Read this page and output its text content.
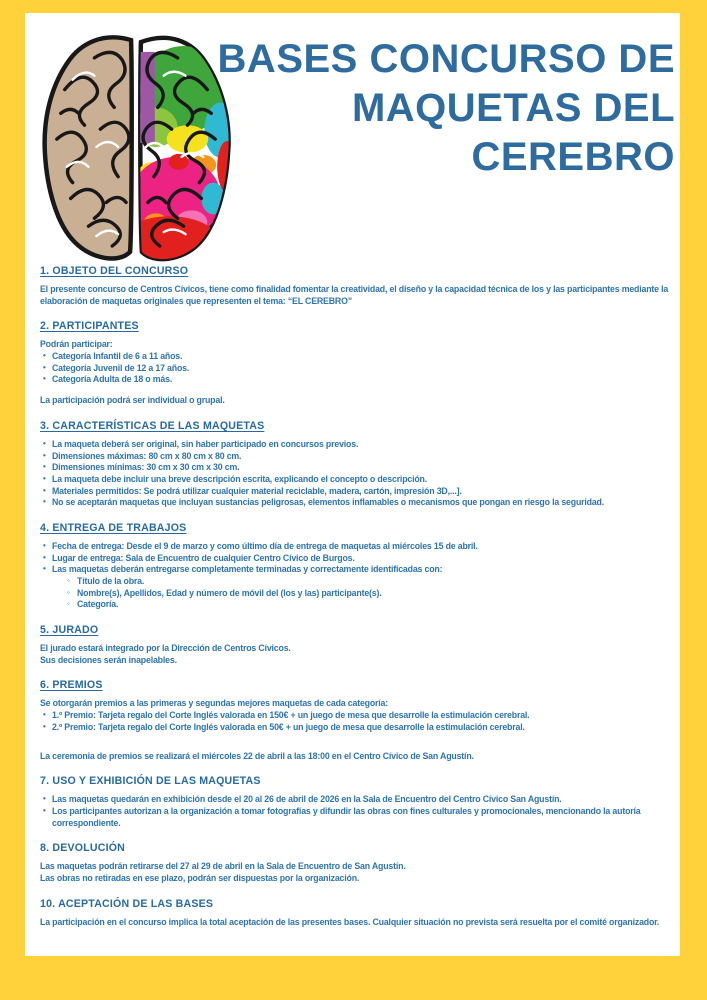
BASES CONCURSO DE
MAQUETAS DEL
CEREBRO
1. OBJETO DEL CONCURSO

El presente concurso de Centros Cívicos, tiene como finalidad fomentar la creatividad, el diseño y la capacidad técnica de los y las participantes mediante la elaboración de maquetas originales que representen el tema: “EL CEREBRO”

2. PARTICIPANTES

Podrán participar:

• Categoría Infantil de 6 a 11 años.
• Categoría Juvenil de 12 a 17 años.
• Categoría Adulta de 18 o más.

La participación podrá ser individual o grupal.

3. CARACTERÍSTICAS DE LAS MAQUETAS
• La maqueta deberá ser original, sin haber participado en concursos previos.
• Dimensiones máximas: 80 cm x 80 cm x 80 cm.
• Dimensiones mínimas: 30 cm x 30 cm x 30 cm.
• La maqueta debe incluir una breve descripción escrita, explicando el concepto o descripción.
• Materiales permitidos: Se podrá utilizar cualquier material reciclable, madera, cartón, impresión 3D,...].
• No se aceptarán maquetas que incluyan sustancias peligrosas, elementos inflamables o mecanismos que pongan en riesgo la seguridad.
4. ENTREGA DE TRABAJOS
• Fecha de entrega: Desde el 9 de marzo y como último día de entrega de maquetas al miércoles 15 de abril.
• Lugar de entrega: Sala de Encuentro de cualquier Centro Cívico de Burgos.
• Las maquetas deberán entregarse completamente terminadas y correctamente identificadas con:
◦ Título de la obra.
◦ Nombre(s), Apellidos, Edad y número de móvil del (los y las) participante(s).
◦ Categoría.
5. JURADO

El jurado estará integrado por la Dirección de Centros Cívicos.

Sus decisiones serán inapelables.

6. PREMIOS

Se otorgarán premios a las primeras y segundas mejores maquetas de cada categoría:

• 1.º Premio: Tarjeta regalo del Corte Inglés valorada en 150€ + un juego de mesa que desarrolle la estimulación cerebral.
• 2.º Premio: Tarjeta regalo del Corte Inglés valorada en 50€ + un juego de mesa que desarrolle la estimulación cerebral.

La ceremonia de premios se realizará el miércoles 22 de abril a las 18:00 en el Centro Cívico de San Agustín.

7. USO Y EXHIBICIÓN DE LAS MAQUETAS
• Las maquetas quedarán en exhibición desde el 20 al 26 de abril de 2026 en la Sala de Encuentro del Centro Cívico San Agustín.
• Los participantes autorizan a la organización a tomar fotografías y difundir las obras con fines culturales y promocionales, mencionando la autoría correspondiente.
8. DEVOLUCIÓN

Las maquetas podrán retirarse del 27 al 29 de abril en la Sala de Encuentro de San Agustín.

Las obras no retiradas en ese plazo, podrán ser dispuestas por la organización.

10. ACEPTACIÓN DE LAS BASES

La participación en el concurso implica la total aceptación de las presentes bases. Cualquier situación no prevista será resuelta por el comité organizador.
